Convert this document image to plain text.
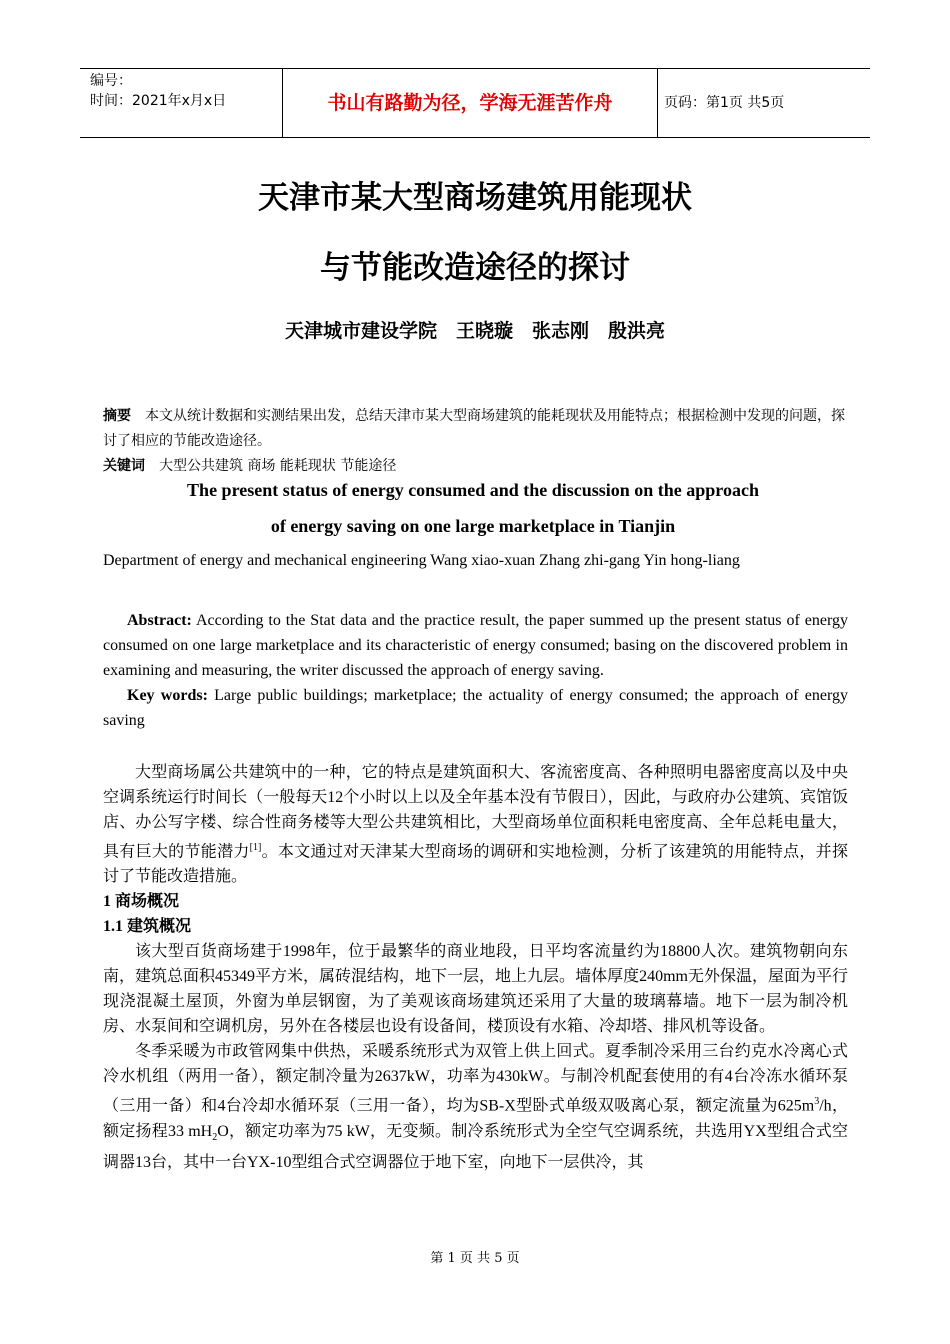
编号：
时间：2021年x月x日	书山有路勤为径，学海无涯苦作舟	页码：第1页 共5页
天津市某大型商场建筑用能现状
与节能改造途径的探讨
天津城市建设学院　王晓璇　张志刚　殷洪亮
摘要 本文从统计数据和实测结果出发，总结天津市某大型商场建筑的能耗现状及用能特点；根据检测中发现的问题，探讨了相应的节能改造途径。
关键词 大型公共建筑 商场 能耗现状 节能途径
The present status of energy consumed and the discussion on the approach
of energy saving on one large marketplace in Tianjin
Department of energy and mechanical engineering Wang xiao-xuan Zhang zhi-gang Yin hong-liang

Abstract: According to the Stat data and the practice result, the paper summed up the present status of energy consumed on one large marketplace and its characteristic of energy consumed; basing on the discovered problem in examining and measuring, the writer discussed the approach of energy saving.

Key words: Large public buildings; marketplace; the actuality of energy consumed; the approach of energy saving

大型商场属公共建筑中的一种，它的特点是建筑面积大、客流密度高、各种照明电器密度高以及中央空调系统运行时间长（一般每天12个小时以上以及全年基本没有节假日），因此，与政府办公建筑、宾馆饭店、办公写字楼、综合性商务楼等大型公共建筑相比，大型商场单位面积耗电密度高、全年总耗电量大，具有巨大的节能潜力[1]。本文通过对天津某大型商场的调研和实地检测，分析了该建筑的用能特点，并探讨了节能改造措施。

1 商场概况
1.1 建筑概况

该大型百货商场建于1998年，位于最繁华的商业地段，日平均客流量约为18800人次。建筑物朝向东南，建筑总面积45349平方米，属砖混结构，地下一层，地上九层。墙体厚度240mm无外保温，屋面为平行现浇混凝土屋顶，外窗为单层钢窗，为了美观该商场建筑还采用了大量的玻璃幕墙。地下一层为制冷机房、水泵间和空调机房，另外在各楼层也设有设备间，楼顶设有水箱、冷却塔、排风机等设备。

冬季采暖为市政管网集中供热，采暖系统形式为双管上供上回式。夏季制冷采用三台约克水冷离心式冷水机组（两用一备），额定制冷量为2637kW，功率为430kW。与制冷机配套使用的有4台冷冻水循环泵（三用一备）和4台冷却水循环泵（三用一备），均为SB-X型卧式单级双吸离心泵，额定流量为$625m^3/h$，额定扬程33 $mH_2O$，额定功率为75 kW，无变频。制冷系统形式为全空气空调系统，共选用YX型组合式空调器13台，其中一台YX-10型组合式空调器位于地下室，向地下一层供冷，其

第 1 页 共 5 页
